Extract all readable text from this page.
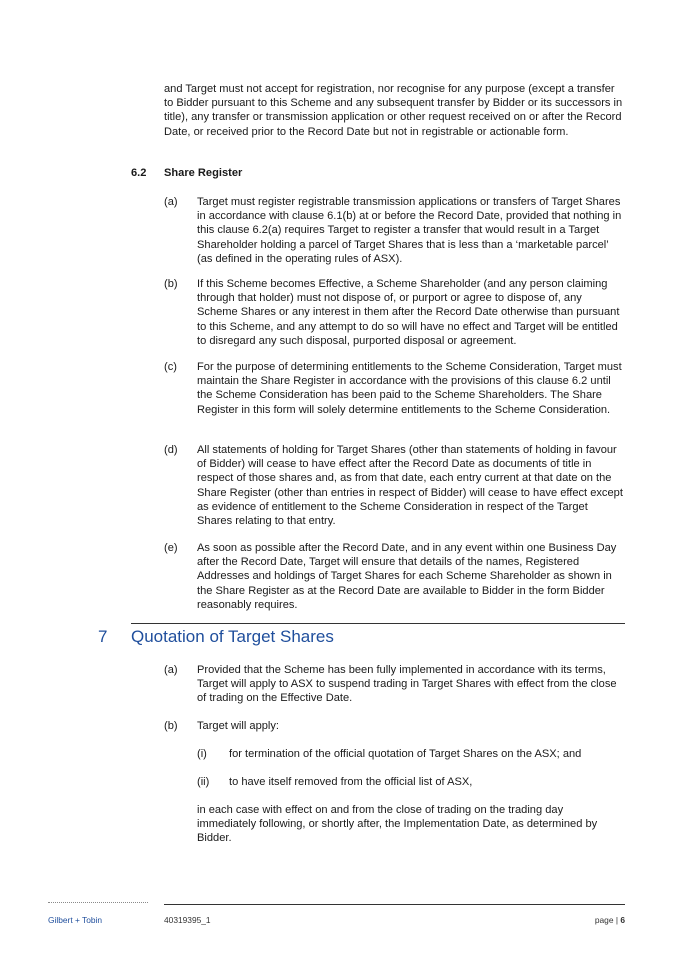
and Target must not accept for registration, nor recognise for any purpose (except a transfer to Bidder pursuant to this Scheme and any subsequent transfer by Bidder or its successors in title), any transfer or transmission application or other request received on or after the Record Date, or received prior to the Record Date but not in registrable or actionable form.

6.2 Share Register
(a) Target must register registrable transmission applications or transfers of Target Shares in accordance with clause 6.1(b) at or before the Record Date, provided that nothing in this clause 6.2(a) requires Target to register a transfer that would result in a Target Shareholder holding a parcel of Target Shares that is less than a ‘marketable parcel’ (as defined in the operating rules of ASX).

(b) If this Scheme becomes Effective, a Scheme Shareholder (and any person claiming through that holder) must not dispose of, or purport or agree to dispose of, any Scheme Shares or any interest in them after the Record Date otherwise than pursuant to this Scheme, and any attempt to do so will have no effect and Target will be entitled to disregard any such disposal, purported disposal or agreement.

(c) For the purpose of determining entitlements to the Scheme Consideration, Target must maintain the Share Register in accordance with the provisions of this clause 6.2 until the Scheme Consideration has been paid to the Scheme Shareholders. The Share Register in this form will solely determine entitlements to the Scheme Consideration.

(d) All statements of holding for Target Shares (other than statements of holding in favour of Bidder) will cease to have effect after the Record Date as documents of title in respect of those shares and, as from that date, each entry current at that date on the Share Register (other than entries in respect of Bidder) will cease to have effect except as evidence of entitlement to the Scheme Consideration in respect of the Target Shares relating to that entry.

(e) As soon as possible after the Record Date, and in any event within one Business Day after the Record Date, Target will ensure that details of the names, Registered Addresses and holdings of Target Shares for each Scheme Shareholder as shown in the Share Register as at the Record Date are available to Bidder in the form Bidder reasonably requires.

7 Quotation of Target Shares
(a) Provided that the Scheme has been fully implemented in accordance with its terms, Target will apply to ASX to suspend trading in Target Shares with effect from the close of trading on the Effective Date.

(b) Target will apply:

(i) for termination of the official quotation of Target Shares on the ASX; and

(ii) to have itself removed from the official list of ASX,

in each case with effect on and from the close of trading on the trading day immediately following, or shortly after, the Implementation Date, as determined by Bidder.

Gilbert + Tobin	40319395_1	page | 6
